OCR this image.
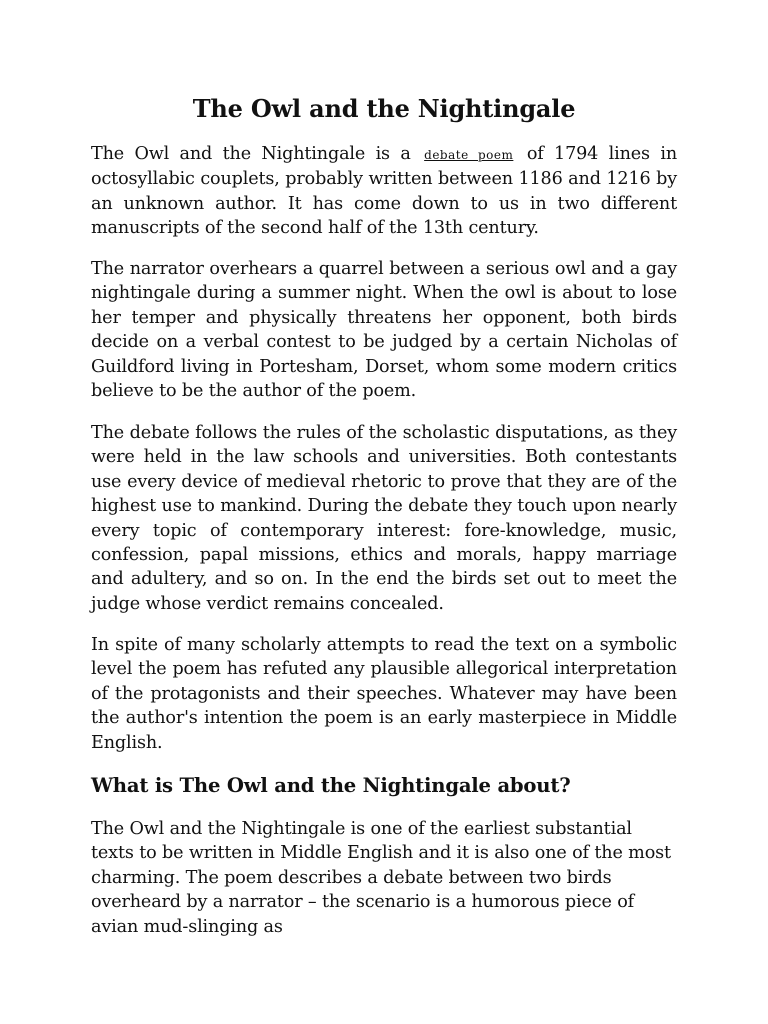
The Owl and the Nightingale

The Owl and the Nightingale is a debate poem of 1794 lines in octosyllabic couplets, probably written between 1186 and 1216 by an unknown author. It has come down to us in two different manuscripts of the second half of the 13th century.

The narrator overhears a quarrel between a serious owl and a gay nightingale during a summer night. When the owl is about to lose her temper and physically threatens her opponent, both birds decide on a verbal contest to be judged by a certain Nicholas of Guildford living in Portesham, Dorset, whom some modern critics believe to be the author of the poem.

The debate follows the rules of the scholastic disputations, as they were held in the law schools and universities. Both contestants use every device of medieval rhetoric to prove that they are of the highest use to mankind. During the debate they touch upon nearly every topic of contemporary interest: fore-knowledge, music, confession, papal missions, ethics and morals, happy marriage and adultery, and so on. In the end the birds set out to meet the judge whose verdict remains concealed.

In spite of many scholarly attempts to read the text on a symbolic level the poem has refuted any plausible allegorical interpretation of the protagonists and their speeches. Whatever may have been the author's intention the poem is an early masterpiece in Middle English.

What is The Owl and the Nightingale about?

The Owl and the Nightingale is one of the earliest substantial texts to be written in Middle English and it is also one of the most charming. The poem describes a debate between two birds overheard by a narrator – the scenario is a humorous piece of avian mud-slinging as
